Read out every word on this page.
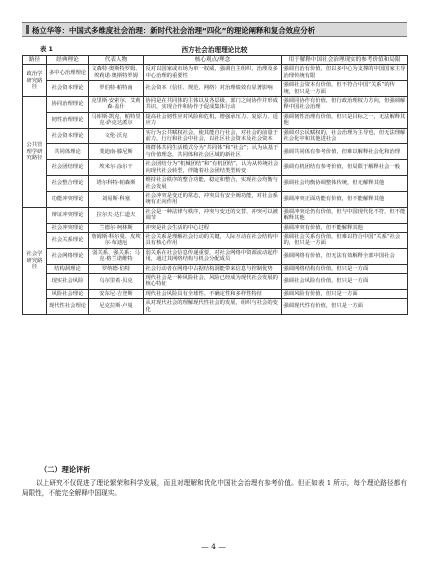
杨立华等：中国式多维度社会治理：新时代社会治理“四化”的理论阐释和复合效应分析
表 1	西方社会治理理论比较
路径	经典理论	代表人物	核心观点/理念	用于解释中国社会治理现实的参考价值和局限
政治学研究路径	多中心治理理论	文森特·奥斯特罗姆、埃莉诺·奥斯特罗姆	反对以国家或市场为单一权威，强调自主组织、治理及多中心治理的重要性	强调自治有价值，但以多中心为支撑的中国国家主导治理传统有限
	社会资本理论	罗伯特·帕特南	社会资本（信任、规范、网络）对治理绩效有显著影响	强调社会资本有价值，但不符合中国“关系”的传统，但只是一方面
公共管理学研究路径	协同治理理论	克里斯·安索尔、艾莉森·盖什	协同是在共同体的主体以及各层级、部门之间协作并形成共识，实现合作和协作于促成集体行动	强调同协作有价值，但行政治理权力方向，但强调解释中国社会治理
	韧性治理理论	马库斯·凯克、帕特里克·萨克达派尔	提高社会韧性应对风险和危机，增强承压力、复原力、适应力	强调韧性治理有价值，但只是目标之一，无法解释其他
	社会资本理论	文伦·沃克	实行为公共赋权社会，使其能自行社会，对社会的前量于前力，行行和社会中社会，以社区社会资本及社会资本	强调对公民赋权的，社会治理为主导也，但无法理解社会化中和其他进社会
	共同体理论	斐迪南·滕尼斯	将群体共同生活模式分为“共同体”和“社会”；认为从基于与价值理念，共同体和社会区域的新社区	强调共同体有参考价值，但难以解释社会化和治理
	社会团结理论	埃米尔·涂尔干	社会团结分为“机械团结”和“有机团结”，认为从传统社会向现代社会转型，伴随着社会团结类型转变	强调有机团结有参考价值，但局限于解释社会一般
	社会整合理论	塔尔科特·帕森斯	维持社会秩序的整合功能，稳定和整合，实现社会均衡与社会发展	强调社会均衡协调整体传统，但无解释其他
	功能冲突理论	刘易斯·科塞	社会冲突是变迁的常态，冲突具有安全阀功能，对社会系统有正向作用	强调冲突正面功能有价值，但不能解释其他
社会学研究路径	辩证冲突理论	拉尔夫·达仁道夫	社会是一种法律与秩序，冲突与变迁的交替，冲突可以被调节	强调冲突论仍有价值，但与中国现代化不符，但不能解释其他
	社会冲突理论	兰德尔·柯林斯	冲突是社会生活的中心过程	强调冲突有价值，但不能解释其他
	社会关系理论	詹姆斯·科尔曼、皮埃尔·布迪厄	社会关系是理解社会行动的关键，人际互动在社会结构中具有核心作用	强调社会关系有价值，但难以符合中国“关系”社会的，但只是一方面
	社会网络理论	弱关系、强关系；马克·格兰诺维特	弱关系在社会信息传递重要，对社会网络中资源流动起作用，通过其网络结构与机会分配成员	强调网络有价值，但无法有效解释全部中国社会
	结构洞理论	罗纳德·伯特	社会行动者在网络中占据结构洞能带来信息与控制优势	强调网络结构有价值，但只是一方面
	现实社会风险	乌尔里希·贝克	现代社会是一种风险社会，风险已经成为现代社会发展的核心特征	强调社会风险有价值，但只是一方面
	风险社会理论	安东尼·吉登斯	现代社会风险具有全球性、不确定性和多样性特征	强调风险有价值，但只是一方面
	现代性社会理论	尼克拉斯·卢曼	从对现代社会的理解现代性社会的发展、组织与社会的变化	强调现代性有价值，但只是一方面
（二）理论评析
以上研究不仅促进了理论繁荣和科学发展，而且对理解和优化中国社会治理有参考价值。但正如表 1 所示，每个理论路径都有局限性，不能完全解释中国现实。
— 4 —
